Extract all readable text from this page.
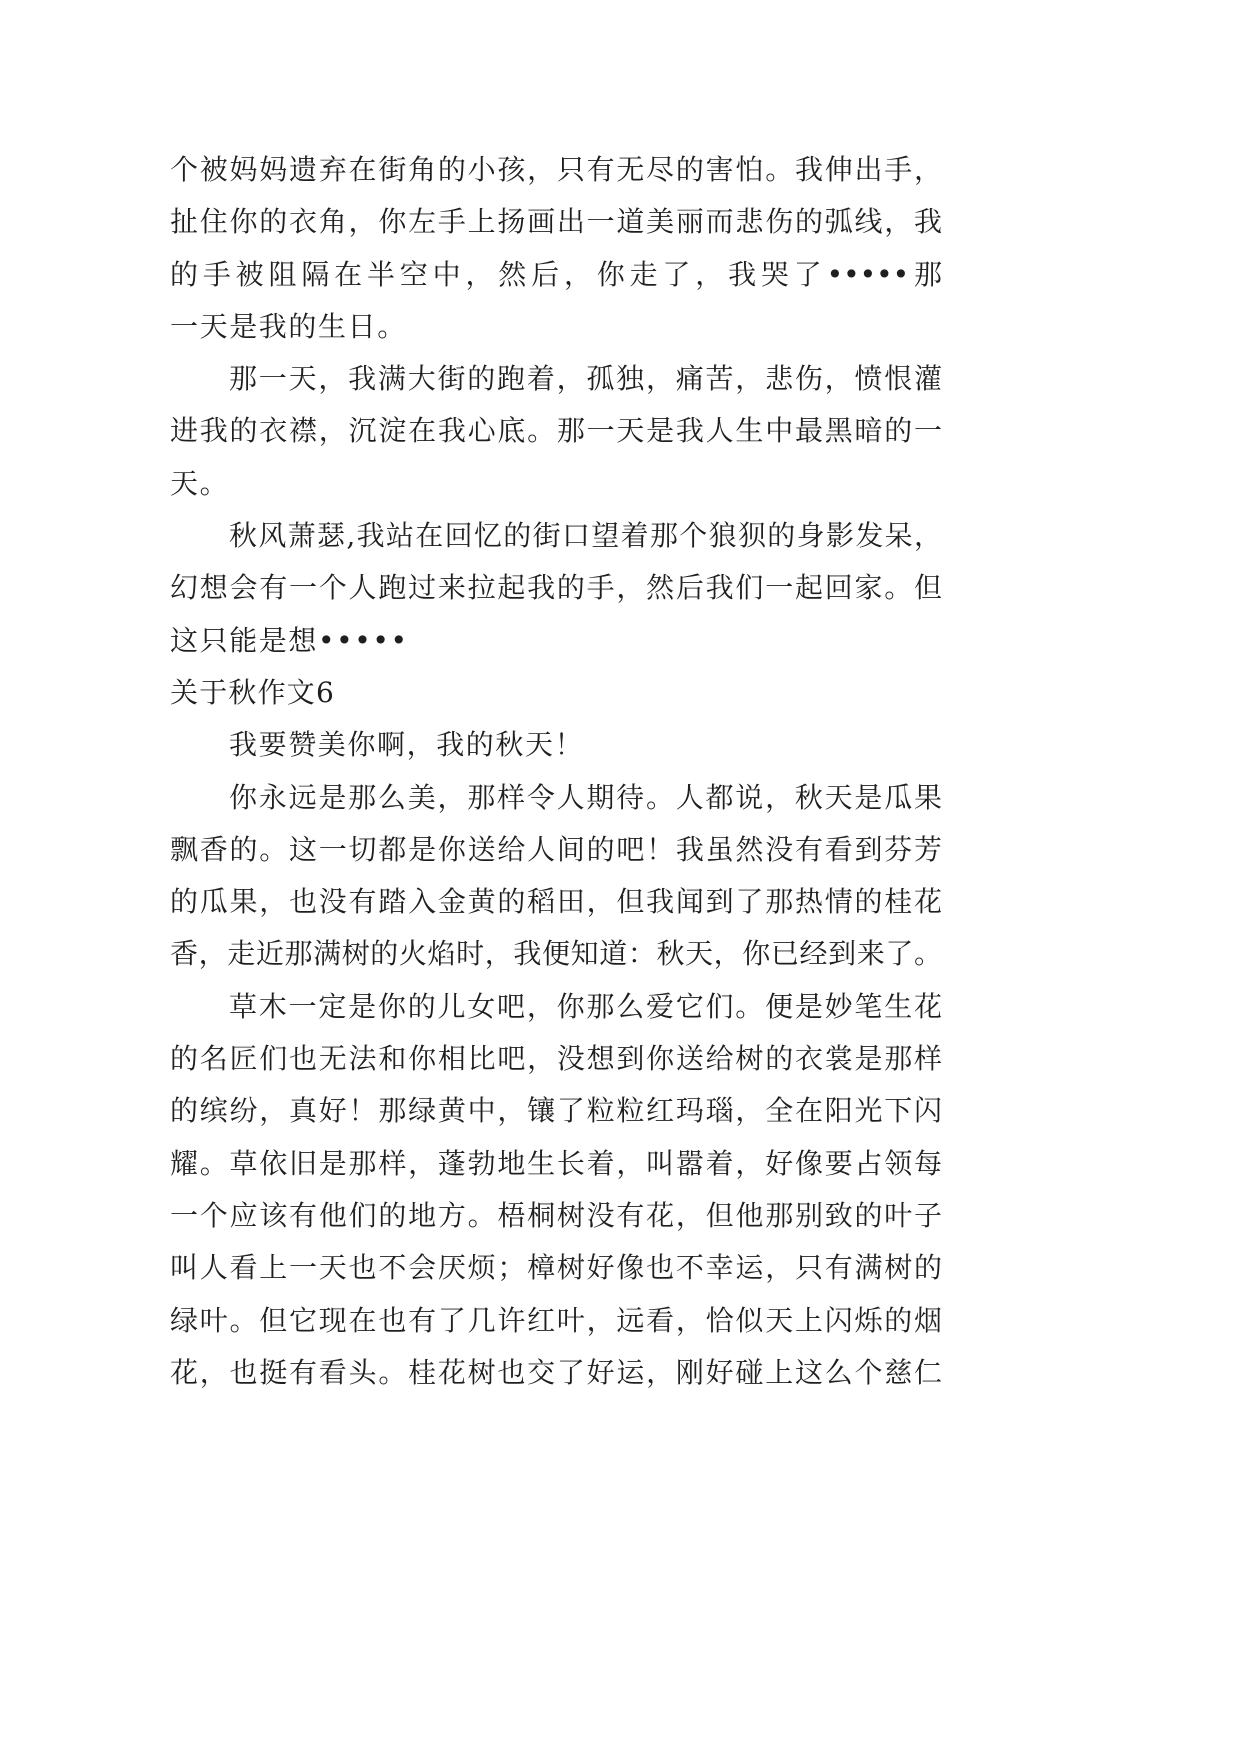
个被妈妈遗弃在街角的小孩，只有无尽的害怕。我伸出手，
扯住你的衣角，你左手上扬画出一道美丽而悲伤的弧线，我
的手被阻隔在半空中，然后，你走了，我哭了•••••那
一天是我的生日。
那一天，我满大街的跑着，孤独，痛苦，悲伤，愤恨灌
进我的衣襟，沉淀在我心底。那一天是我人生中最黑暗的一
天。
秋风萧瑟,我站在回忆的街口望着那个狼狈的身影发呆，
幻想会有一个人跑过来拉起我的手，然后我们一起回家。但
这只能是想•••••
关于秋作文6
我要赞美你啊，我的秋天！
你永远是那么美，那样令人期待。人都说，秋天是瓜果
飘香的。这一切都是你送给人间的吧！我虽然没有看到芬芳
的瓜果，也没有踏入金黄的稻田，但我闻到了那热情的桂花
香，走近那满树的火焰时，我便知道：秋天，你已经到来了。
草木一定是你的儿女吧，你那么爱它们。便是妙笔生花
的名匠们也无法和你相比吧，没想到你送给树的衣裳是那样
的缤纷，真好！那绿黄中，镶了粒粒红玛瑙，全在阳光下闪
耀。草依旧是那样，蓬勃地生长着，叫嚣着，好像要占领每
一个应该有他们的地方。梧桐树没有花，但他那别致的叶子
叫人看上一天也不会厌烦；樟树好像也不幸运，只有满树的
绿叶。但它现在也有了几许红叶，远看，恰似天上闪烁的烟
花，也挺有看头。桂花树也交了好运，刚好碰上这么个慈仁
